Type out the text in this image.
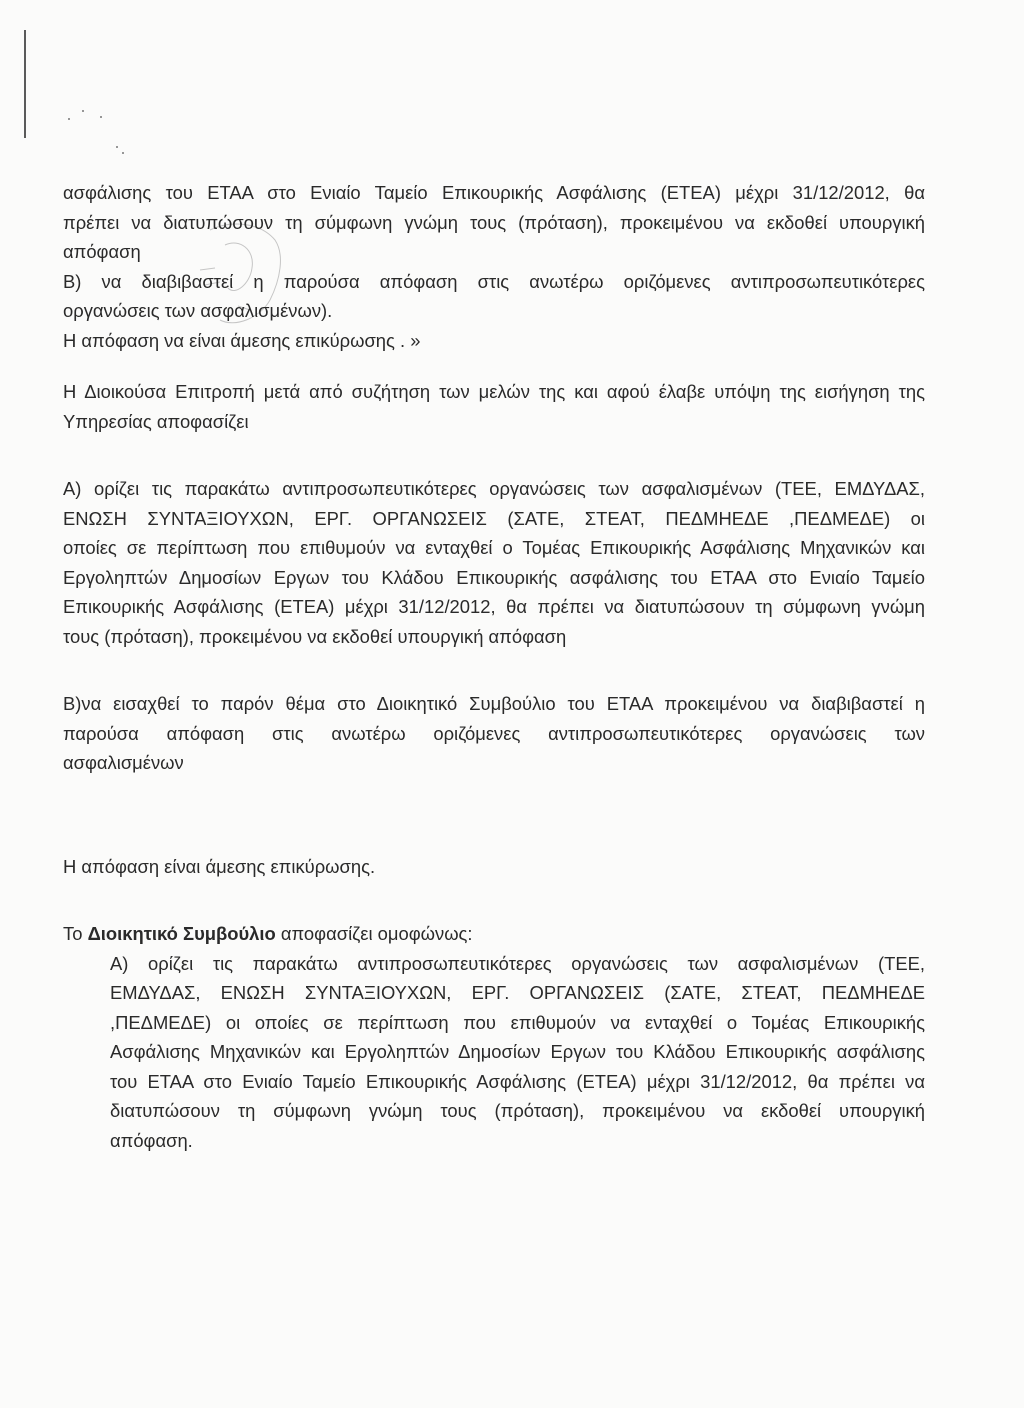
ασφάλισης του ΕΤΑΑ στο Ενιαίο Ταμείο Επικουρικής Ασφάλισης (ΕΤΕΑ) μέχρι 31/12/2012, θα
πρέπει να διατυπώσουν τη σύμφωνη γνώμη τους (πρόταση), προκειμένου να εκδοθεί υπουργική
απόφαση
Β) να διαβιβαστεί η παρούσα απόφαση στις ανωτέρω οριζόμενες αντιπροσωπευτικότερες
οργανώσεις των ασφαλισμένων).
Η απόφαση να είναι άμεσης επικύρωσης . »
Η Διοικούσα Επιτροπή μετά από συζήτηση των μελών της και αφού έλαβε υπόψη της εισήγηση της
Υπηρεσίας αποφασίζει
Α) ορίζει τις παρακάτω αντιπροσωπευτικότερες οργανώσεις των ασφαλισμένων (ΤΕΕ, ΕΜΔΥΔΑΣ,
ΕΝΩΣΗ ΣΥΝΤΑΞΙΟΥΧΩΝ, ΕΡΓ. ΟΡΓΑΝΩΣΕΙΣ (ΣΑΤΕ, ΣΤΕΑΤ, ΠΕΔΜΗΕΔΕ ,ΠΕΔΜΕΔΕ) οι
οποίες σε περίπτωση που επιθυμούν να ενταχθεί ο Τομέας Επικουρικής Ασφάλισης Μηχανικών και
Εργοληπτών Δημοσίων Εργων του Κλάδου Επικουρικής ασφάλισης του ΕΤΑΑ στο Ενιαίο Ταμείο
Επικουρικής Ασφάλισης (ΕΤΕΑ) μέχρι 31/12/2012, θα πρέπει να διατυπώσουν τη σύμφωνη γνώμη
τους (πρόταση), προκειμένου να εκδοθεί υπουργική απόφαση
Β)να εισαχθεί το παρόν θέμα στο Διοικητικό Συμβούλιο του ΕΤΑΑ προκειμένου να διαβιβαστεί η
παρούσα απόφαση στις ανωτέρω οριζόμενες αντιπροσωπευτικότερες οργανώσεις των
ασφαλισμένων
Η απόφαση είναι άμεσης επικύρωσης.
Το Διοικητικό Συμβούλιο αποφασίζει ομοφώνως:
Α) ορίζει τις παρακάτω αντιπροσωπευτικότερες οργανώσεις των ασφαλισμένων (ΤΕΕ,
ΕΜΔΥΔΑΣ, ΕΝΩΣΗ ΣΥΝΤΑΞΙΟΥΧΩΝ, ΕΡΓ. ΟΡΓΑΝΩΣΕΙΣ (ΣΑΤΕ, ΣΤΕΑΤ, ΠΕΔΜΗΕΔΕ
,ΠΕΔΜΕΔΕ) οι οποίες σε περίπτωση που επιθυμούν να ενταχθεί ο Τομέας Επικουρικής
Ασφάλισης Μηχανικών και Εργοληπτών Δημοσίων Εργων του Κλάδου Επικουρικής ασφάλισης
του ΕΤΑΑ στο Ενιαίο Ταμείο Επικουρικής Ασφάλισης (ΕΤΕΑ) μέχρι 31/12/2012, θα πρέπει να
διατυπώσουν τη σύμφωνη γνώμη τους (πρόταση), προκειμένου να εκδοθεί υπουργική
απόφαση.
